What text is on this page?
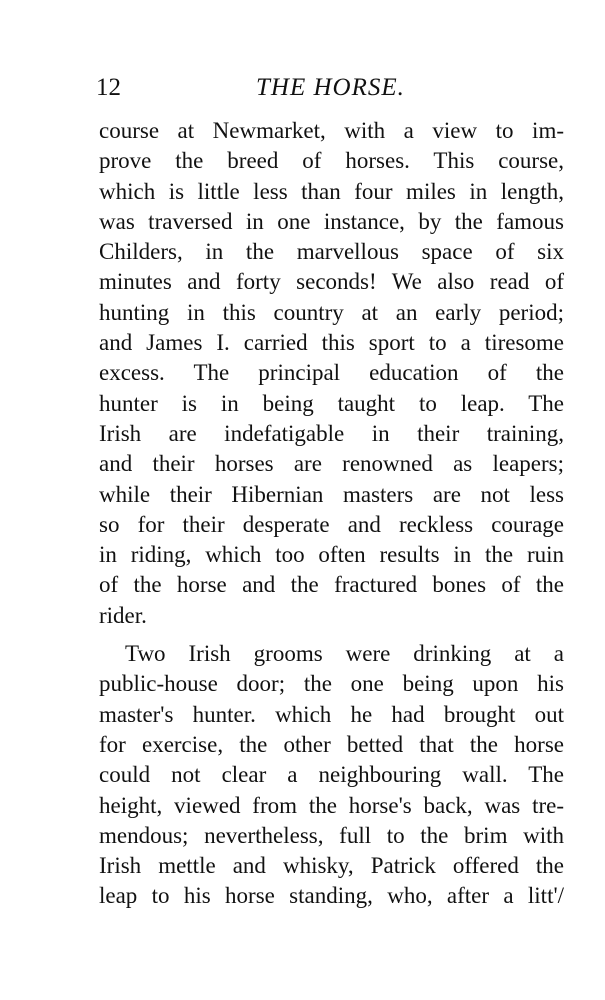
12	THE HORSE.
course at Newmarket, with a view to im-
prove the breed of horses. This course,
which is little less than four miles in length,
was traversed in one instance, by the famous
Childers, in the marvellous space of six
minutes and forty seconds! We also read of
hunting in this country at an early period;
and James I. carried this sport to a tiresome
excess. The principal education of the
hunter is in being taught to leap. The
Irish are indefatigable in their training,
and their horses are renowned as leapers;
while their Hibernian masters are not less
so for their desperate and reckless courage
in riding, which too often results in the ruin
of the horse and the fractured bones of the
rider.
Two Irish grooms were drinking at a
public-house door; the one being upon his
master's hunter. which he had brought out
for exercise, the other betted that the horse
could not clear a neighbouring wall. The
height, viewed from the horse's back, was tre-
mendous; nevertheless, full to the brim with
Irish mettle and whisky, Patrick offered the
leap to his horse standing, who, after a litt'/
